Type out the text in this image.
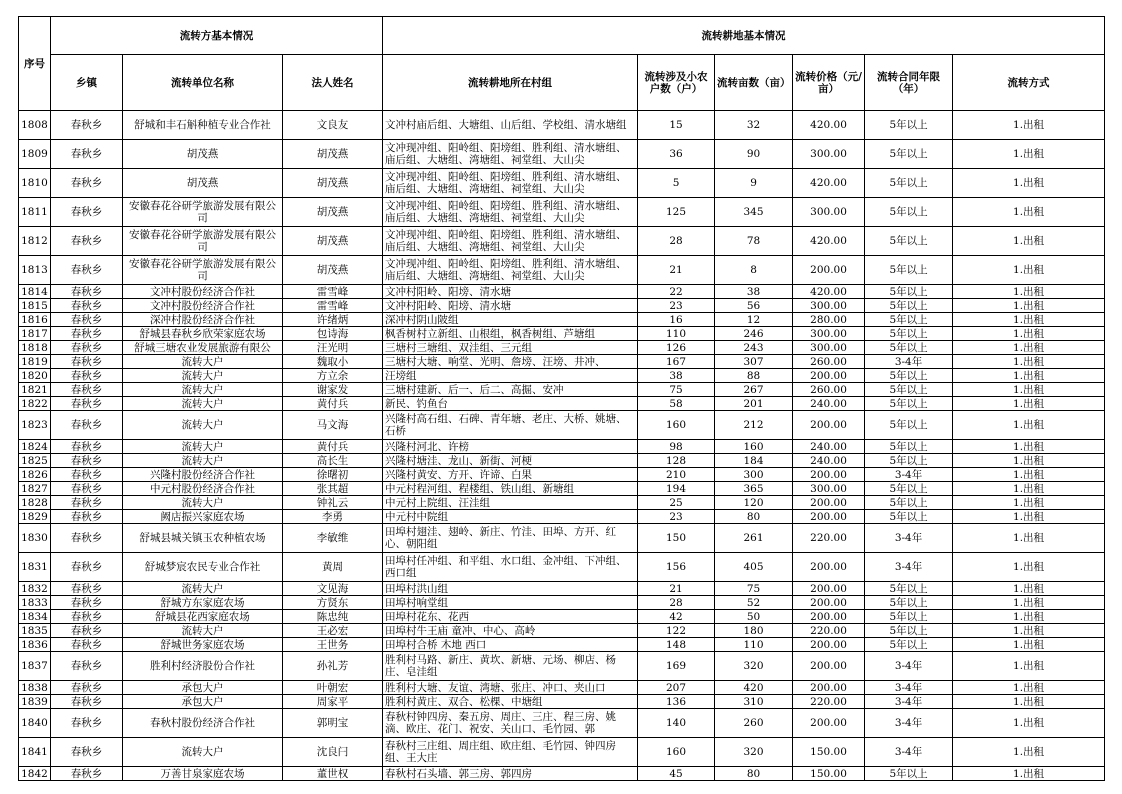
序号	流转方基本情况			流转耕地基本情况					
	乡镇	流转单位名称	法人姓名	流转耕地所在村组	流转涉及小农户数（户）	流转亩数（亩）	流转价格（元/亩）	流转合同年限（年）	流转方式
1808	春秋乡	舒城和丰石斛种植专业合作社	文良友	文冲村庙后组、大塘组、山后组、学校组、清水塘组	15	32	420.00	5年以上	1.出租
1809	春秋乡	胡茂燕	胡茂燕	文冲现冲组、阳岭组、阳塝组、胜利组、清水塘组、庙后组、大塘组、湾塘组、祠堂组、大山尖	36	90	300.00	5年以上	1.出租
1810	春秋乡	胡茂燕	胡茂燕	文冲现冲组、阳岭组、阳塝组、胜利组、清水塘组、庙后组、大塘组、湾塘组、祠堂组、大山尖	5	9	420.00	5年以上	1.出租
1811	春秋乡	安徽春花谷研学旅游发展有限公司	胡茂燕	文冲现冲组、阳岭组、阳塝组、胜利组、清水塘组、庙后组、大塘组、湾塘组、祠堂组、大山尖	125	345	300.00	5年以上	1.出租
1812	春秋乡	安徽春花谷研学旅游发展有限公司	胡茂燕	文冲现冲组、阳岭组、阳塝组、胜利组、清水塘组、庙后组、大塘组、湾塘组、祠堂组、大山尖	28	78	420.00	5年以上	1.出租
1813	春秋乡	安徽春花谷研学旅游发展有限公司	胡茂燕	文冲现冲组、阳岭组、阳塝组、胜利组、清水塘组、庙后组、大塘组、湾塘组、祠堂组、大山尖	21	8	200.00	5年以上	1.出租
1814	春秋乡	文冲村股份经济合作社	雷雪峰	文冲村阳岭、阳塝、清水塘	22	38	420.00	5年以上	1.出租
1815	春秋乡	文冲村股份经济合作社	雷雪峰	文冲村阳岭、阳塝、清水塘	23	56	300.00	5年以上	1.出租
1816	春秋乡	深冲村股份经济合作社	许绪炳	深冲村阴山陂组	16	12	280.00	5年以上	1.出租
1817	春秋乡	舒城县春秋乡欣荣家庭农场	包诗海	枫香树村立新组、山根组，枫香树组、芦塘组	110	246	300.00	5年以上	1.出租
1818	春秋乡	舒城三塘农业发展旅游有限公	汪光明	三塘村三塘组、双洼组、三元组	126	243	300.00	5年以上	1.出租
1819	春秋乡	流转大户	魏取小	三塘村大塘、响堂、光明、詹塝、汪塝、井冲、	167	307	260.00	3-4年	1.出租
1820	春秋乡	流转大户	方立余	汪塝组	38	88	200.00	5年以上	1.出租
1821	春秋乡	流转大户	谢家发	三塘村建新、后一、后二、高掘、安冲	75	267	260.00	5年以上	1.出租
1822	春秋乡	流转大户	黄付兵	新民、钓鱼台	58	201	240.00	5年以上	1.出租
1823	春秋乡	流转大户	马文海	兴隆村高石组、石碑、青年塘、老庄、大桥、姚塘、石桥	160	212	200.00	5年以上	1.出租
1824	春秋乡	流转大户	黄付兵	兴隆村河北、许榜	98	160	240.00	5年以上	1.出租
1825	春秋乡	流转大户	高长生	兴隆村塘洼、龙山、新街、河梗	128	184	240.00	5年以上	1.出租
1826	春秋乡	兴隆村股份经济合作社	徐曙初	兴隆村黄安、方开、许谛、白果	210	300	200.00	3-4年	1.出租
1827	春秋乡	中元村股份经济合作社	张其超	中元村程河组、程楼组、铁山组、新塘组	194	365	300.00	5年以上	1.出租
1828	春秋乡	流转大户	钟礼云	中元村上院组、汪洼组	25	120	200.00	5年以上	1.出租
1829	春秋乡	阙店振兴家庭农场	李勇	中元村中院组	23	80	200.00	5年以上	1.出租
1830	春秋乡	舒城县城关镇玉农种植农场	李敏维	田埠村翅洼、翅岭、新庄、竹洼、田埠、方开、红心、朝阳组	150	261	220.00	3-4年	1.出租
1831	春秋乡	舒城梦宸农民专业合作社	黄周	田埠村任冲组、和平组、水口组、金冲组、下冲组、西口组	156	405	200.00	3-4年	1.出租
1832	春秋乡	流转大户	文见海	田埠村洪山组	21	75	200.00	5年以上	1.出租
1833	春秋乡	舒城方东家庭农场	方贤东	田埠村响堂组	28	52	200.00	5年以上	1.出租
1834	春秋乡	舒城县花西家庭农场	陈忠纯	田埠村花东、花西	42	50	200.00	5年以上	1.出租
1835	春秋乡	流转大户	王必宏	田埠村牛王庙 童冲、中心、高岭	122	180	220.00	5年以上	1.出租
1836	春秋乡	舒城世务家庭农场	王世务	田埠村合桥 木地 西口	148	110	200.00	5年以上	1.出租
1837	春秋乡	胜利村经济股份合作社	孙礼芳	胜利村马路、新庄、黄坎、新塘、元场、柳店、杨庄、皂洼组	169	320	200.00	3-4年	1.出租
1838	春秋乡	承包大户	叶朝宏	胜利村大塘、友谊、湾塘、张庄、冲口、夹山口	207	420	200.00	3-4年	1.出租
1839	春秋乡	承包大户	周家平	胜利村黄庄、双合、松棵、中塘组	136	310	220.00	3-4年	1.出租
1840	春秋乡	春秋村股份经济合作社	郭明宝	春秋村钟四房、秦五房、周庄、三庄、程三房、姚滴、欧庄、花门、祝安、关山口、毛竹园、郭	140	260	200.00	3-4年	1.出租
1841	春秋乡	流转大户	沈良闩	春秋村三庄组、周庄组、欧庄组、毛竹园、钟四房组、王大庄	160	320	150.00	3-4年	1.出租
1842	春秋乡	万善甘泉家庭农场	董世权	春秋村石头墙、郭三房、郭四房	45	80	150.00	5年以上	1.出租
